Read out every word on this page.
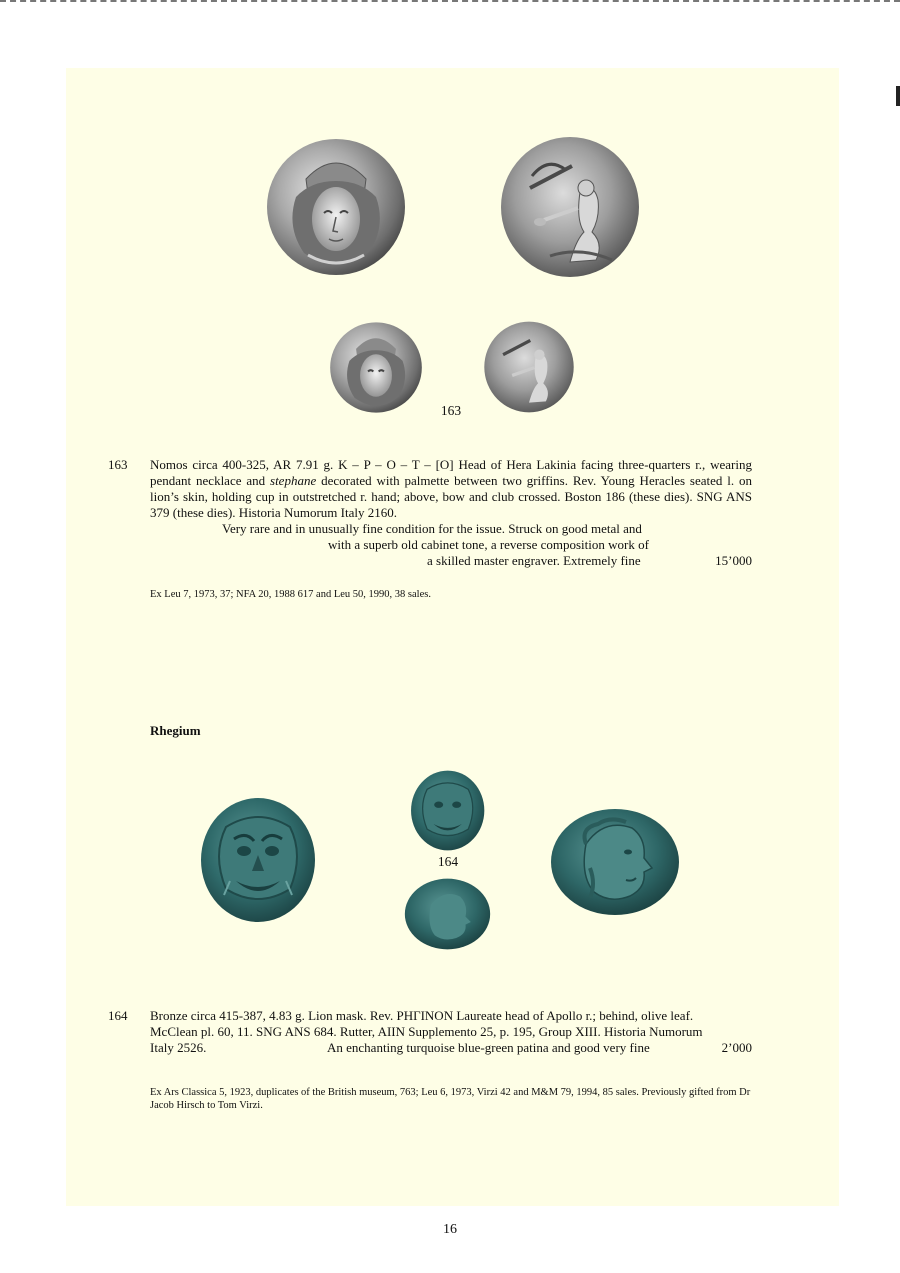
163
163 Nomos circa 400-325, AR 7.91 g. K – P – O – T – [O] Head of Hera Lakinia facing three-quarters r., wearing pendant necklace and stephane decorated with palmette between two griffins. Rev. Young Heracles seated l. on lion’s skin, holding cup in outstretched r. hand; above, bow and club crossed. Boston 186 (these dies). SNG ANS 379 (these dies). Historia Numorum Italy 2160.
Very rare and in unusually fine condition for the issue. Struck on good metal and
with a superb old cabinet tone, a reverse composition work of
a skilled master engraver. Extremely fine	15’000
Ex Leu 7, 1973, 37; NFA 20, 1988 617 and Leu 50, 1990, 38 sales.
Rhegium
164
164 Bronze circa 415-387, 4.83 g. Lion mask. Rev. ΡΗΓΙΝΟΝ Laureate head of Apollo r.; behind, olive leaf.
McClean pl. 60, 11. SNG ANS 684. Rutter, AIIN Supplemento 25, p. 195, Group XIII. Historia Numorum
Italy 2526.	An enchanting turquoise blue-green patina and good very fine	2’000
Ex Ars Classica 5, 1923, duplicates of the British museum, 763; Leu 6, 1973, Virzi 42 and M&M 79, 1994, 85 sales. Previously gifted from Dr Jacob Hirsch to Tom Virzi.
16
